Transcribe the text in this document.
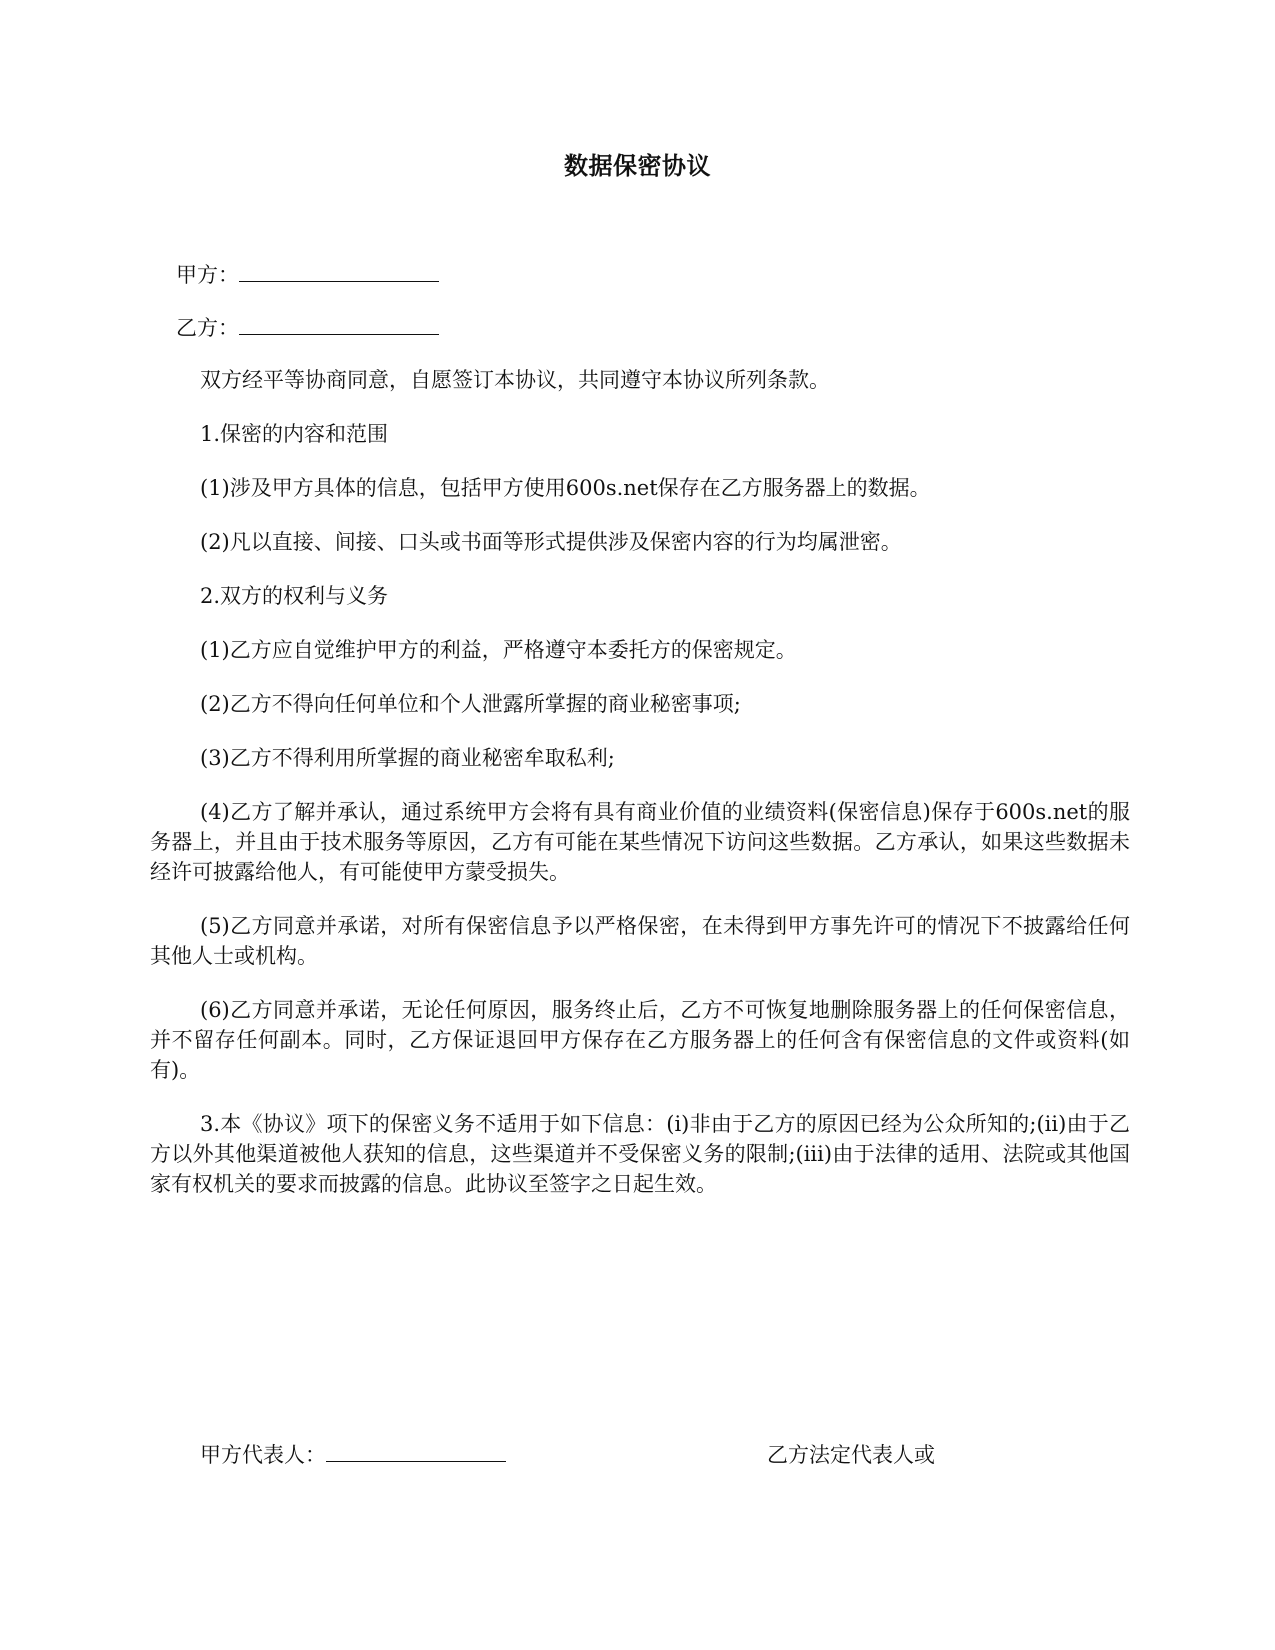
数据保密协议
甲方：
乙方：

双方经平等协商同意，自愿签订本协议，共同遵守本协议所列条款。

1.保密的内容和范围

(1)涉及甲方具体的信息，包括甲方使用600s.net保存在乙方服务器上的数据。

(2)凡以直接、间接、口头或书面等形式提供涉及保密内容的行为均属泄密。

2.双方的权利与义务

(1)乙方应自觉维护甲方的利益，严格遵守本委托方的保密规定。

(2)乙方不得向任何单位和个人泄露所掌握的商业秘密事项;

(3)乙方不得利用所掌握的商业秘密牟取私利;

(4)乙方了解并承认，通过系统甲方会将有具有商业价值的业绩资料(保密信息)保存于600s.net的服务器上，并且由于技术服务等原因，乙方有可能在某些情况下访问这些数据。乙方承认，如果这些数据未经许可披露给他人，有可能使甲方蒙受损失。

(5)乙方同意并承诺，对所有保密信息予以严格保密，在未得到甲方事先许可的情况下不披露给任何其他人士或机构。

(6)乙方同意并承诺，无论任何原因，服务终止后，乙方不可恢复地删除服务器上的任何保密信息，并不留存任何副本。同时，乙方保证退回甲方保存在乙方服务器上的任何含有保密信息的文件或资料(如有)。

3.本《协议》项下的保密义务不适用于如下信息：(i)非由于乙方的原因已经为公众所知的;(ii)由于乙方以外其他渠道被他人获知的信息，这些渠道并不受保密义务的限制;(iii)由于法律的适用、法院或其他国家有权机关的要求而披露的信息。此协议至签字之日起生效。

甲方代表人：	乙方法定代表人或
